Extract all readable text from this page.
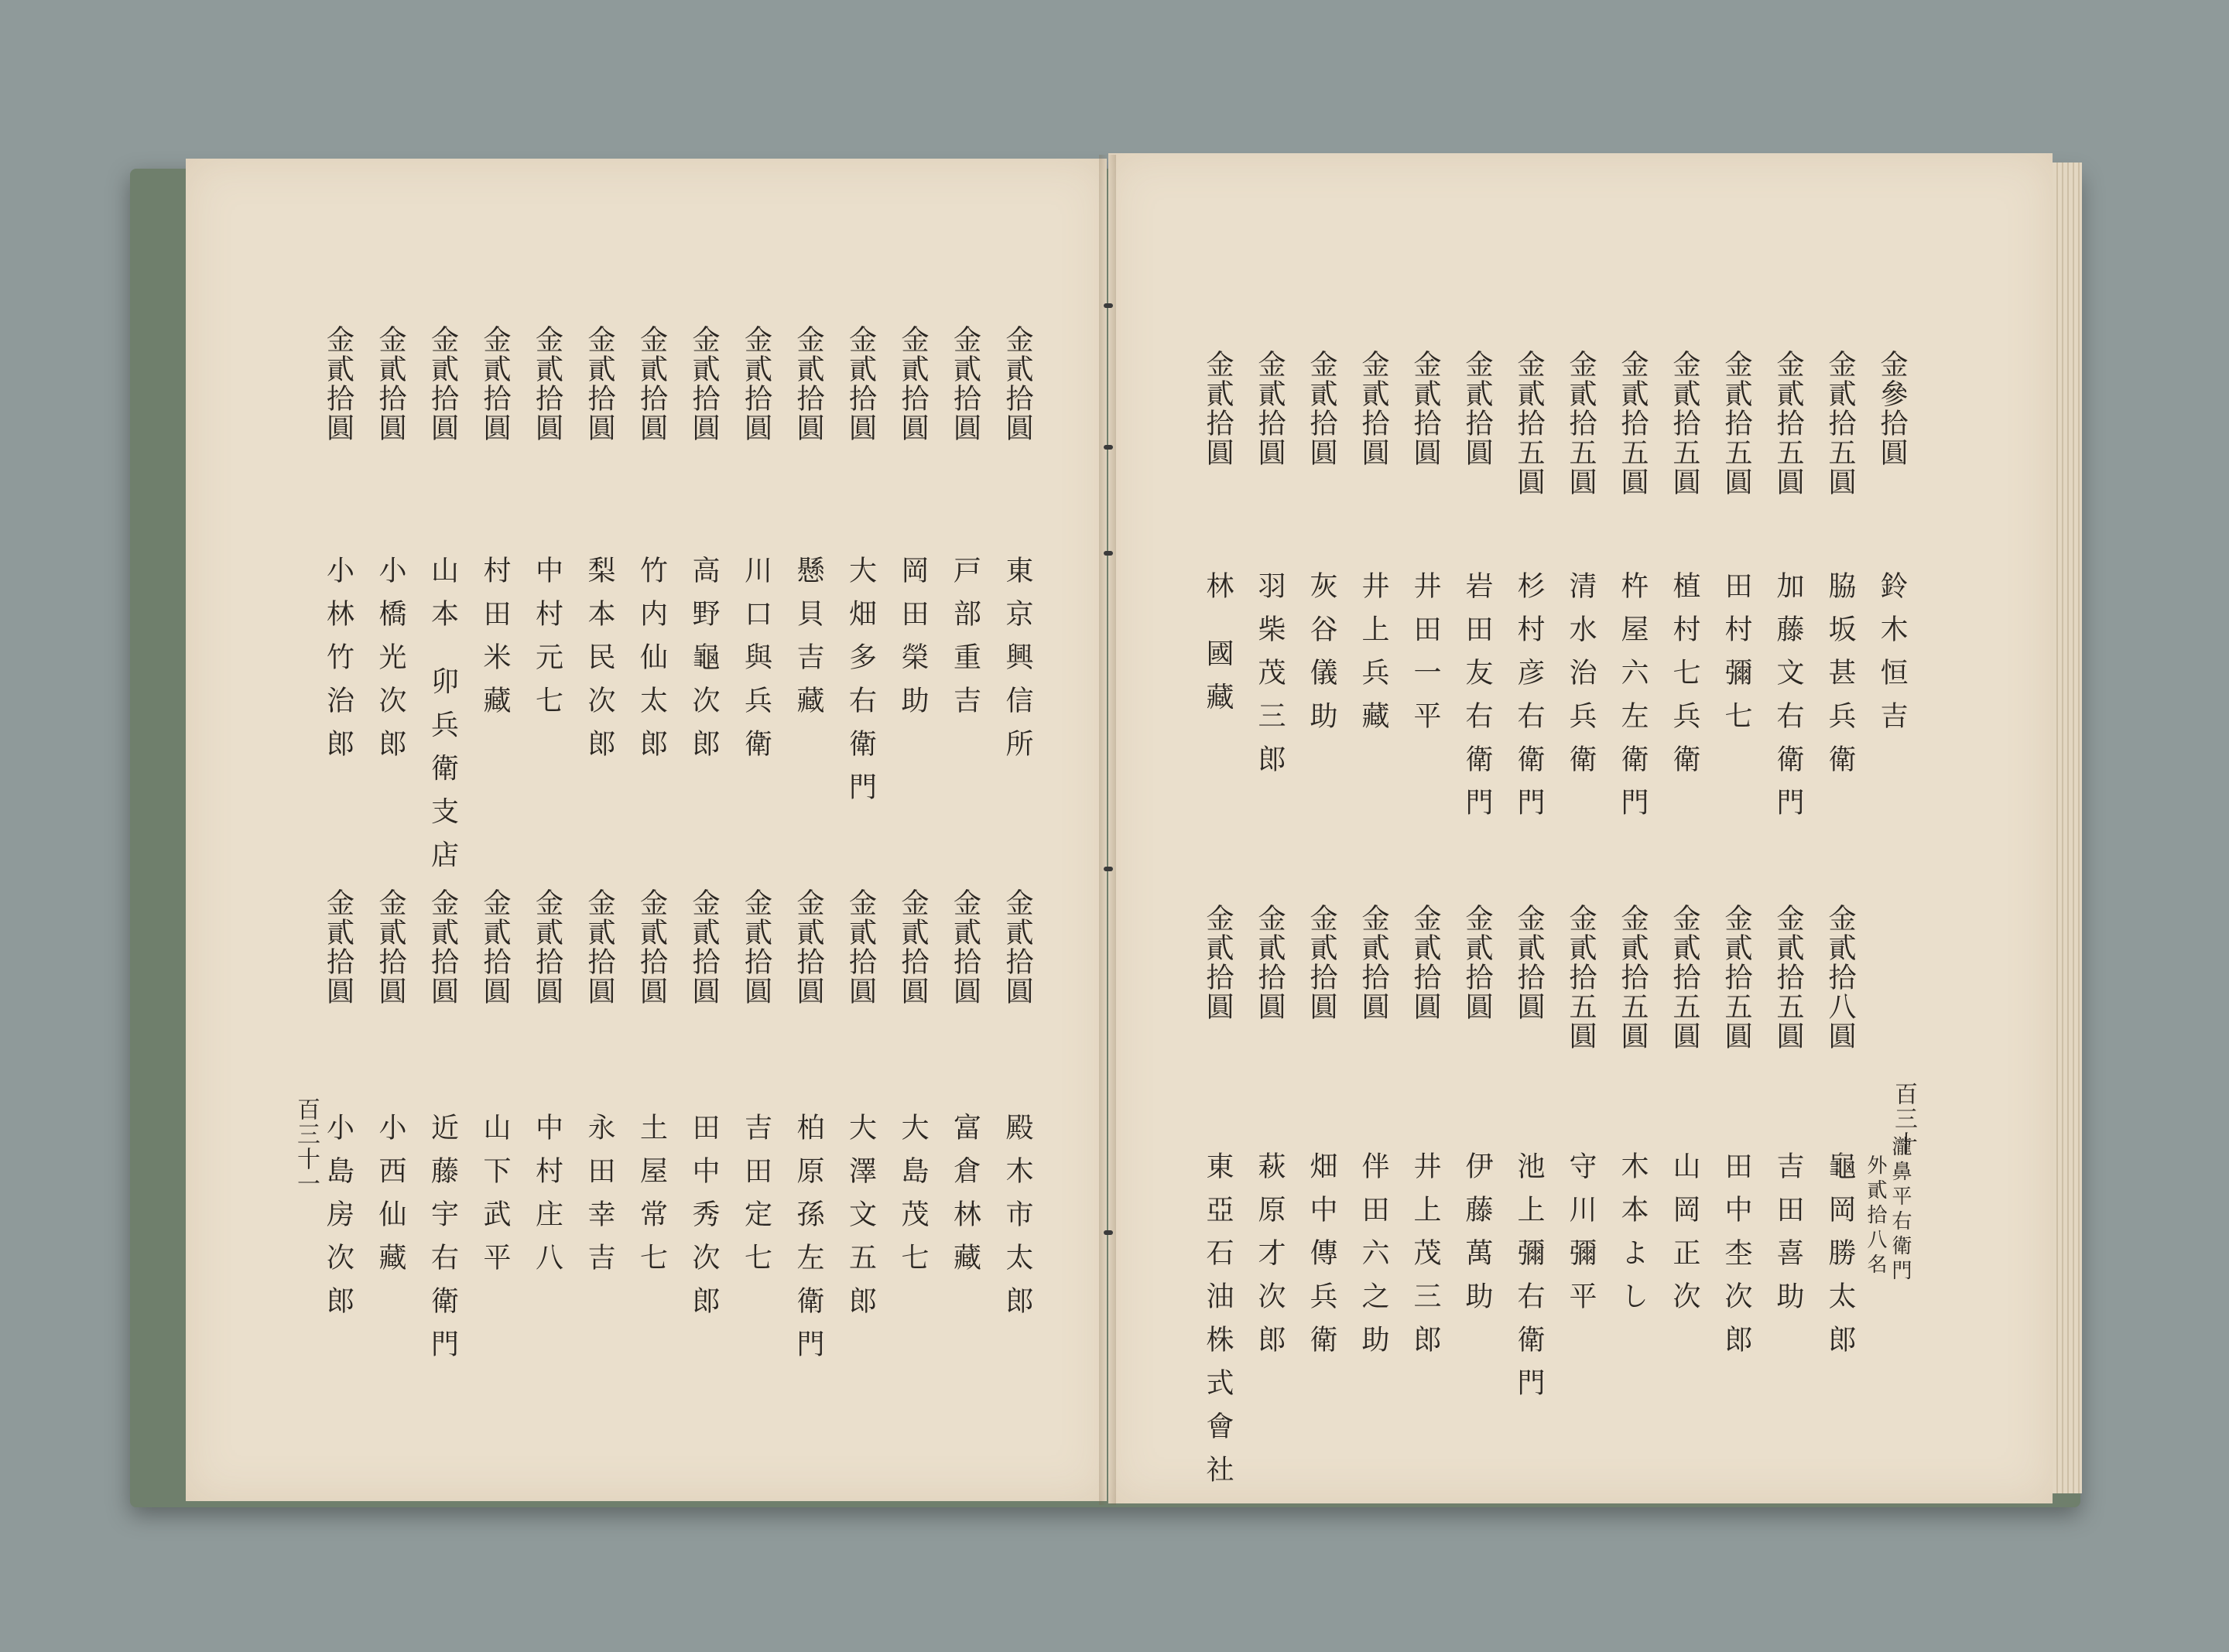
金貳拾圓
東京興信所
金貳拾圓
戸部重吉
金貳拾圓
岡田榮助
金貳拾圓
大畑多右衛門
金貳拾圓
懸貝吉藏
金貳拾圓
川口與兵衛
金貳拾圓
高野龜次郎
金貳拾圓
竹内仙太郎
金貳拾圓
梨本民次郎
金貳拾圓
中村元七
金貳拾圓
村田米藏
金貳拾圓
山本 卯兵衛支店
金貳拾圓
小橋光次郎
金貳拾圓
小林竹治郎
金貳拾圓
殿木市太郎
金貳拾圓
富倉林藏
金貳拾圓
大島茂七
金貳拾圓
大澤文五郎
金貳拾圓
柏原孫左衛門
金貳拾圓
吉田定七
金貳拾圓
田中秀次郎
金貳拾圓
土屋常七
金貳拾圓
永田幸吉
金貳拾圓
中村庄八
金貳拾圓
山下武平
金貳拾圓
近藤宇右衛門
金貳拾圓
小西仙藏
金貳拾圓
小島房次郎
金參拾圓
鈴木恒吉
金貳拾五圓
脇坂甚兵衛
金貳拾五圓
加藤文右衛門
金貳拾五圓
田村彌七
金貳拾五圓
植村七兵衛
金貳拾五圓
杵屋六左衛門
金貳拾五圓
清水治兵衛
金貳拾五圓
杉村彦右衛門
金貳拾圓
岩田友右衛門
金貳拾圓
井田一平
金貳拾圓
井上兵藏
金貳拾圓
灰谷儀助
金貳拾圓
羽柴茂三郎
金貳拾圓
林 國藏
金貳拾八圓
龜岡勝太郎
金貳拾五圓
吉田喜助
金貳拾五圓
田中杢次郎
金貳拾五圓
山岡正次
金貳拾五圓
木本よし
金貳拾五圓
守川彌平
金貳拾圓
池上彌右衛門
金貳拾圓
伊藤萬助
金貳拾圓
井上茂三郎
金貳拾圓
伴田六之助
金貳拾圓
畑中傳兵衛
金貳拾圓
萩原才次郎
金貳拾圓
東亞石油株式會社
百三十一	百三十
瀧鼻平右衛門
外貳拾八名
